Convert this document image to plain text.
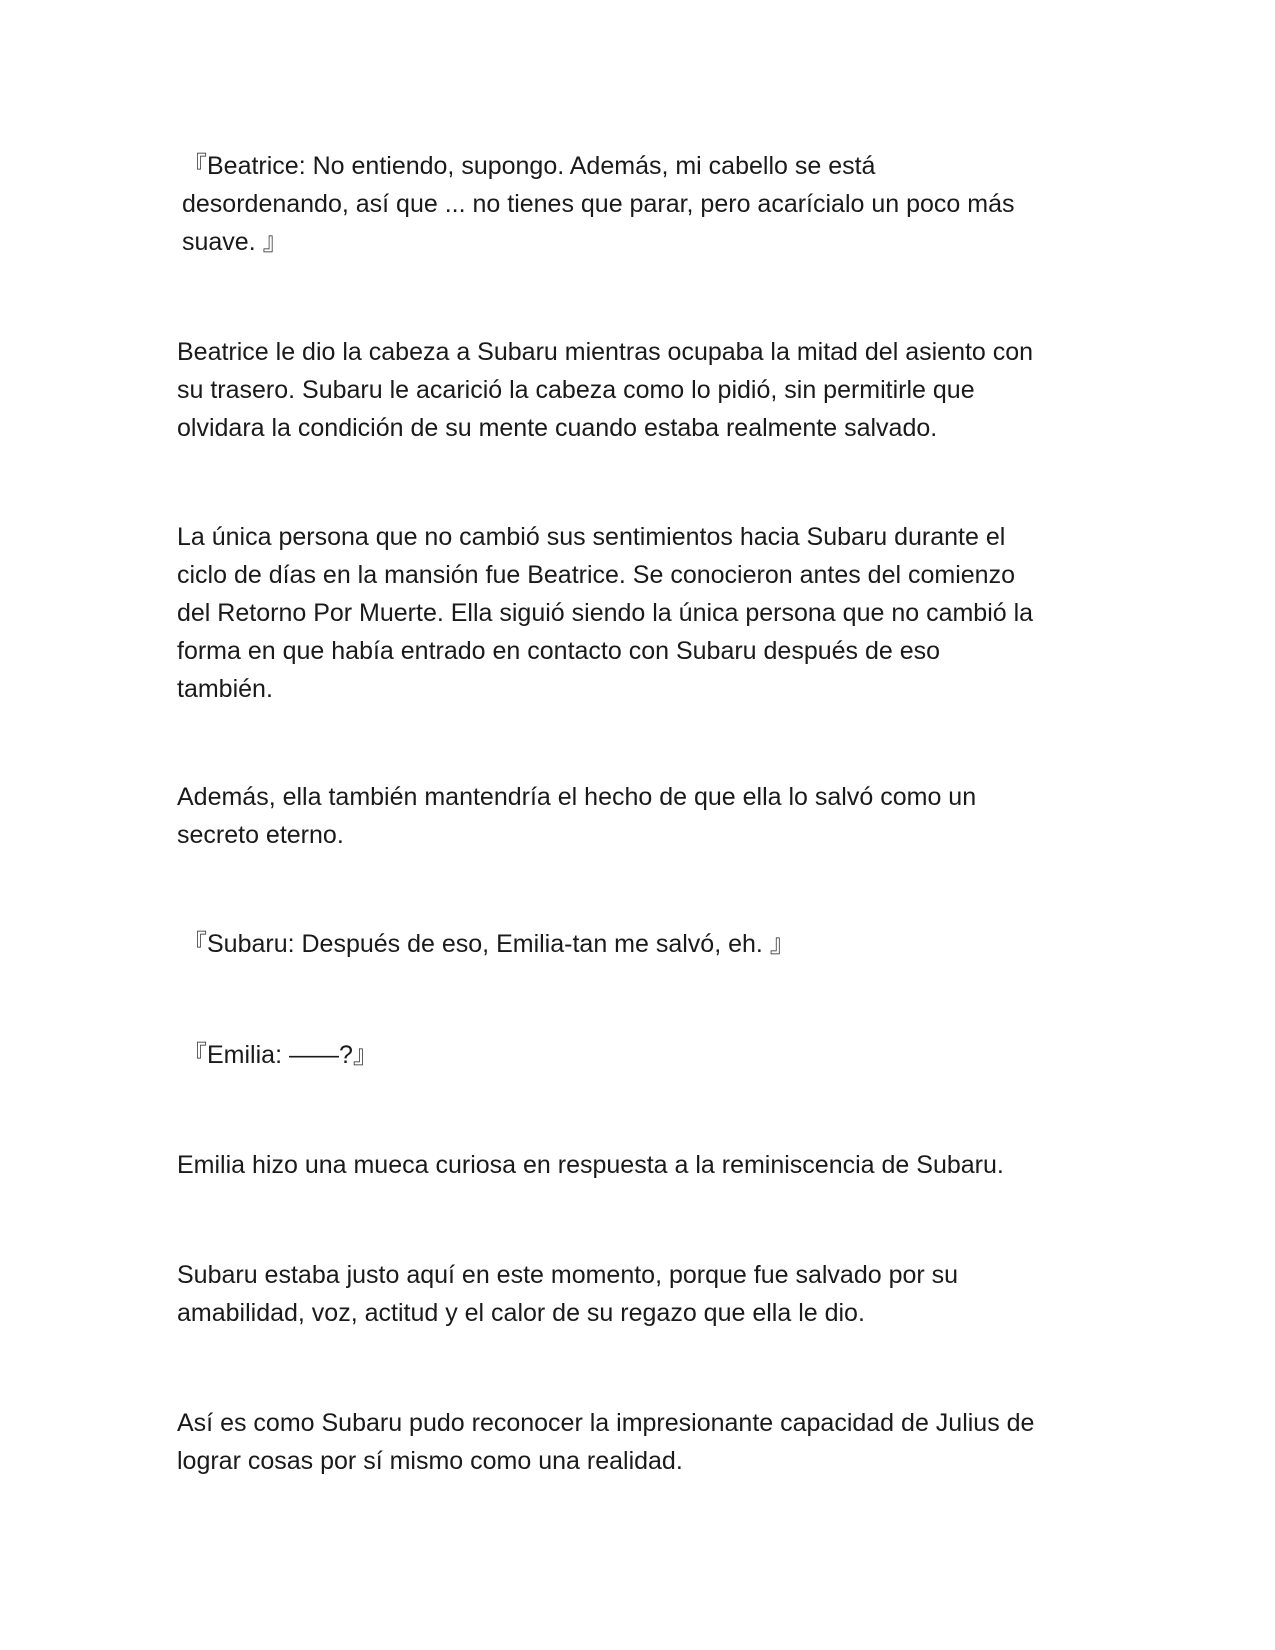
『Beatrice: No entiendo, supongo. Además, mi cabello se está
desordenando, así que ... no tienes que parar, pero acarícialo un poco más
suave. 』

Beatrice le dio la cabeza a Subaru mientras ocupaba la mitad del asiento con
su trasero. Subaru le acarició la cabeza como lo pidió, sin permitirle que
olvidara la condición de su mente cuando estaba realmente salvado.

La única persona que no cambió sus sentimientos hacia Subaru durante el
ciclo de días en la mansión fue Beatrice. Se conocieron antes del comienzo
del Retorno Por Muerte. Ella siguió siendo la única persona que no cambió la
forma en que había entrado en contacto con Subaru después de eso
también.

Además, ella también mantendría el hecho de que ella lo salvó como un
secreto eterno.

『Subaru: Después de eso, Emilia-tan me salvó, eh. 』

『Emilia: ——?』

Emilia hizo una mueca curiosa en respuesta a la reminiscencia de Subaru.

Subaru estaba justo aquí en este momento, porque fue salvado por su
amabilidad, voz, actitud y el calor de su regazo que ella le dio.

Así es como Subaru pudo reconocer la impresionante capacidad de Julius de
lograr cosas por sí mismo como una realidad.
